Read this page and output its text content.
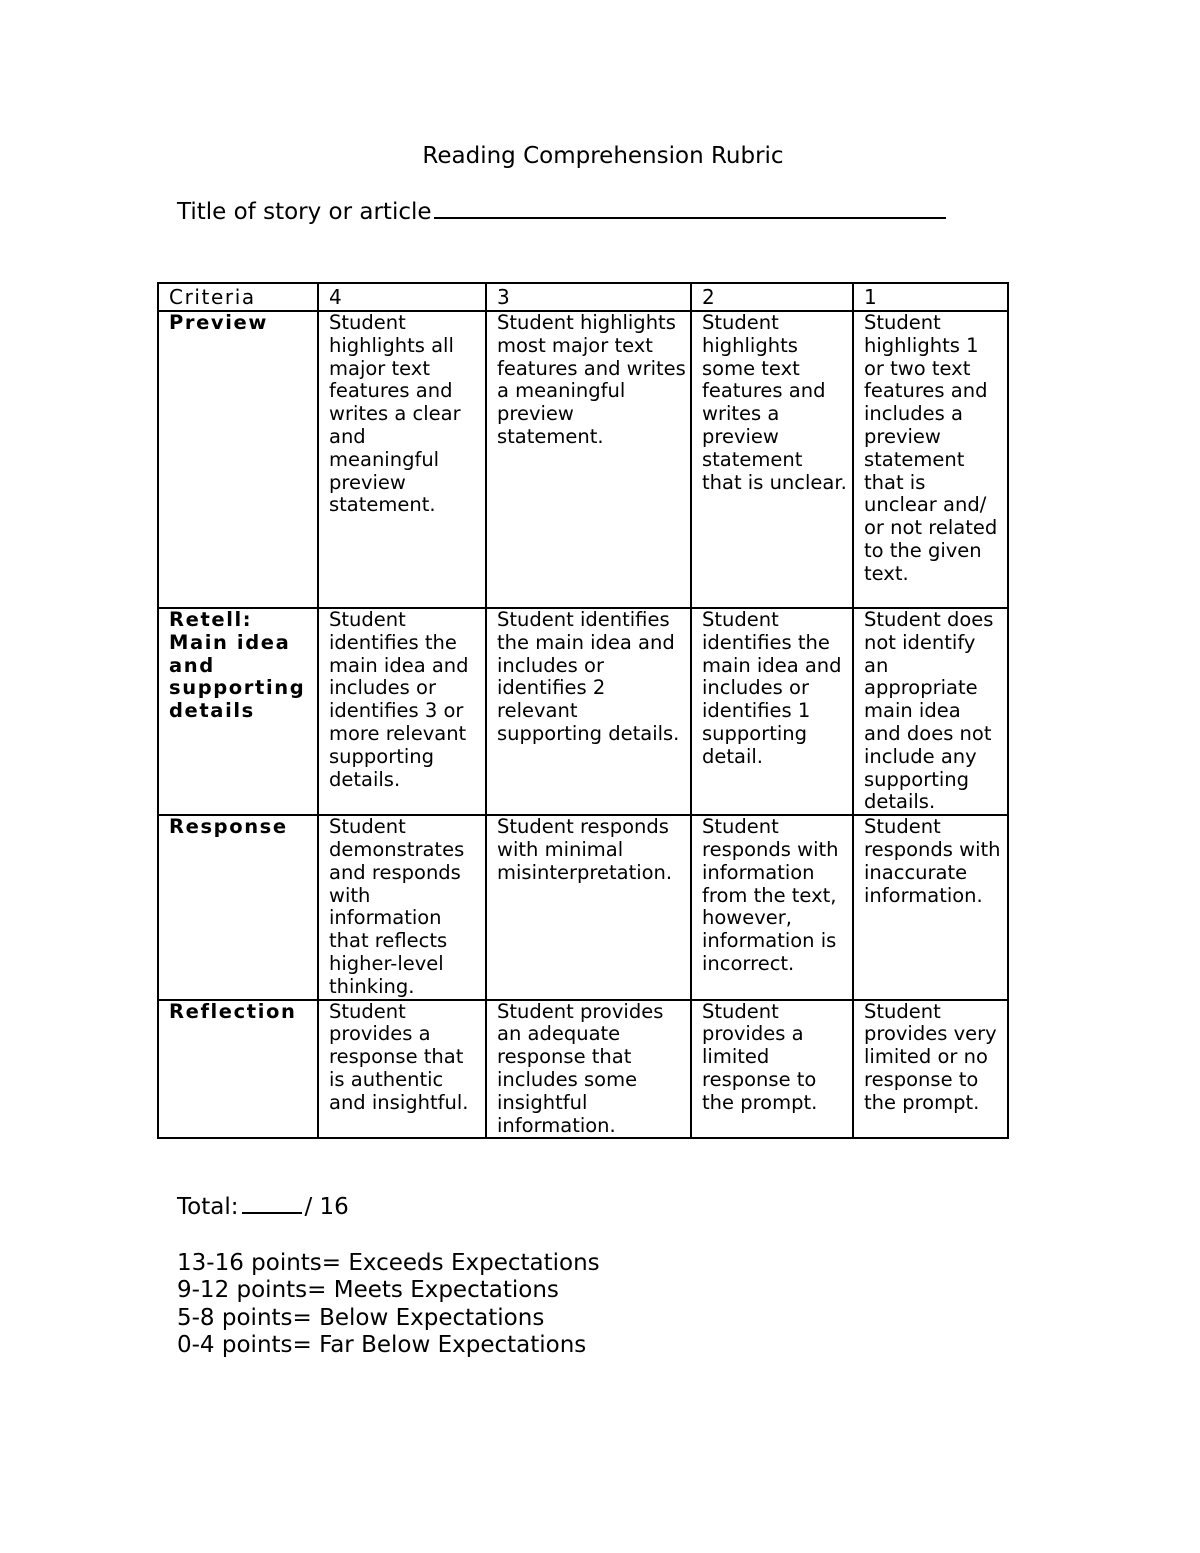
Reading Comprehension Rubric
Title of story or article
Criteria	4	3	2	1
Preview	Student highlights all major text features and writes a clear and meaningful preview statement.	Student highlights most major text features and writes a meaningful preview statement.	Student highlights some text features and writes a preview statement that is unclear.	Student highlights 1 or two text features and includes a preview statement that is unclear and/ or not related to the given text.
Retell: Main idea and supporting details	Student identifies the main idea and includes or identifies 3 or more relevant supporting details.	Student identifies the main idea and includes or identifies 2 relevant supporting details.	Student identifies the main idea and includes or identifies 1 supporting detail.	Student does not identify an appropriate main idea and does not include any supporting details.
Response	Student demonstrates and responds with information that reflects higher-level thinking.	Student responds with minimal misinterpretation.	Student responds with information from the text, however, information is incorrect.	Student responds with inaccurate information.
Reflection	Student provides a response that is authentic and insightful.	Student provides an adequate response that includes some insightful information.	Student provides a limited response to the prompt.	Student provides very limited or no response to the prompt.

Total:	/ 16

13-16 points= Exceeds Expectations

9-12 points= Meets Expectations

5-8 points= Below Expectations

0-4 points= Far Below Expectations
